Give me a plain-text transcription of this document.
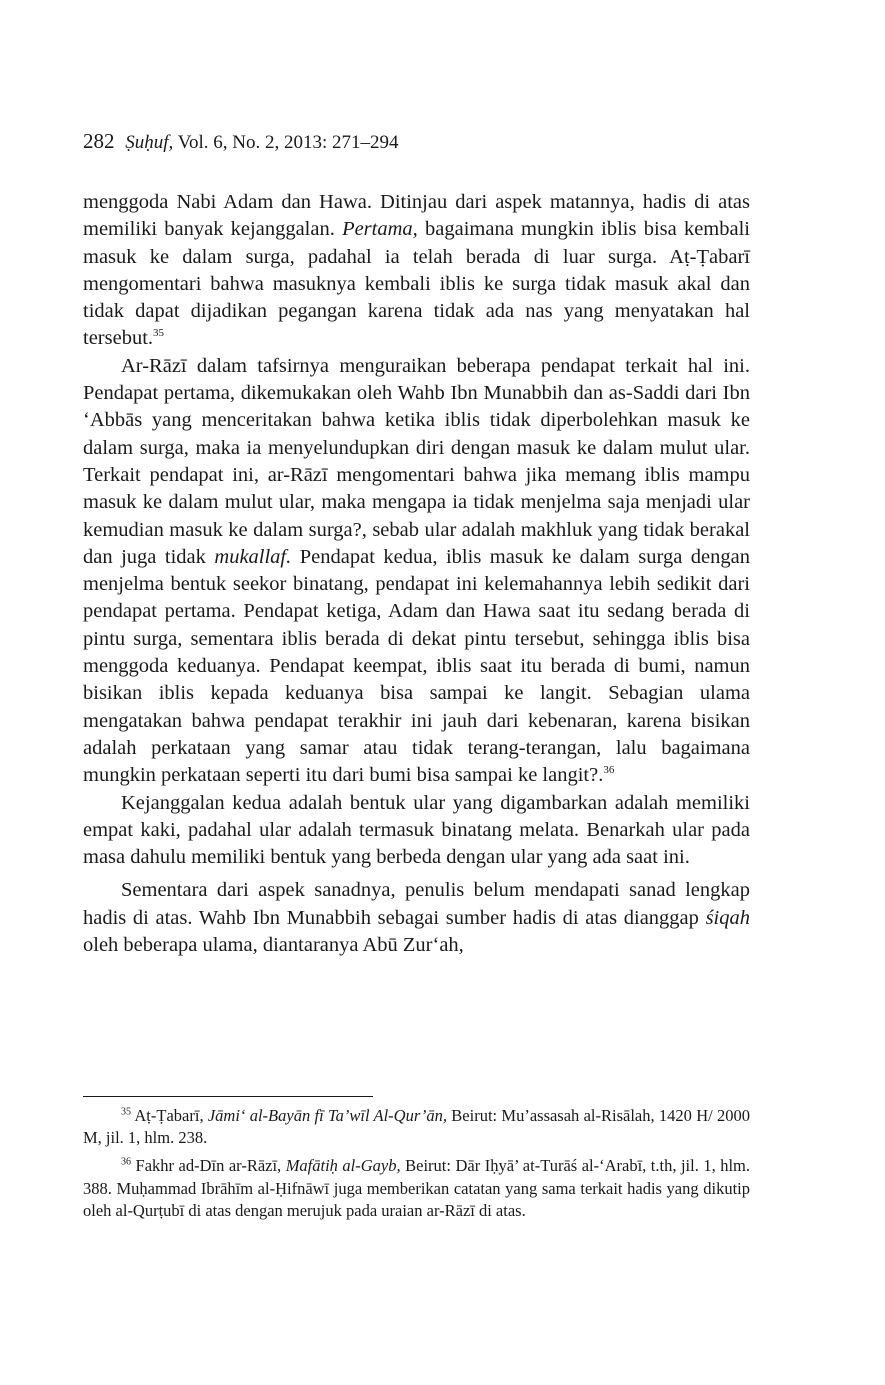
282 Ṣuḥuf, Vol. 6, No. 2, 2013: 271–294

menggoda Nabi Adam dan Hawa. Ditinjau dari aspek matannya, hadis di atas memiliki banyak kejanggalan. Pertama, bagaimana mungkin iblis bisa kembali masuk ke dalam surga, padahal ia telah berada di luar surga. Aṭ-Ṭabarī mengomentari bahwa masuknya kembali iblis ke surga tidak masuk akal dan tidak dapat dijadikan pegangan karena tidak ada nas yang menyatakan hal tersebut.$^{35}$

Ar-Rāzī dalam tafsirnya menguraikan beberapa pendapat terkait hal ini. Pendapat pertama, dikemukakan oleh Wahb Ibn Munabbih dan as-Saddi dari Ibn ‘Abbās yang menceritakan bahwa ketika iblis tidak diperbolehkan masuk ke dalam surga, maka ia menyelundupkan diri dengan masuk ke dalam mulut ular. Terkait pendapat ini, ar-Rāzī mengomentari bahwa jika memang iblis mampu masuk ke dalam mulut ular, maka mengapa ia tidak menjelma saja menjadi ular kemudian masuk ke dalam surga?, sebab ular adalah makhluk yang tidak berakal dan juga tidak mukallaf. Pendapat kedua, iblis masuk ke dalam surga dengan menjelma bentuk seekor binatang, pendapat ini kelemahannya lebih sedikit dari pendapat pertama. Pendapat ketiga, Adam dan Hawa saat itu sedang berada di pintu surga, sementara iblis berada di dekat pintu tersebut, sehingga iblis bisa menggoda keduanya. Pendapat keempat, iblis saat itu berada di bumi, namun bisikan iblis kepada keduanya bisa sampai ke langit. Sebagian ulama mengatakan bahwa pendapat terakhir ini jauh dari kebenaran, karena bisikan adalah perkataan yang samar atau tidak terang-terangan, lalu bagaimana mungkin perkataan seperti itu dari bumi bisa sampai ke langit?.$^{36}$

Kejanggalan kedua adalah bentuk ular yang digambarkan adalah memiliki empat kaki, padahal ular adalah termasuk binatang melata. Benarkah ular pada masa dahulu memiliki bentuk yang berbeda dengan ular yang ada saat ini.

Sementara dari aspek sanadnya, penulis belum mendapati sanad lengkap hadis di atas. Wahb Ibn Munabbih sebagai sumber hadis di atas dianggap śiqah oleh beberapa ulama, diantaranya Abū Zur‘ah,

$^{35}$ Aṭ-Ṭabarī, Jāmi‘ al-Bayān fī Ta’wīl Al-Qur’ān, Beirut: Mu’assasah al-Risālah, 1420 H/ 2000 M, jil. 1, hlm. 238.

$^{36}$ Fakhr ad-Dīn ar-Rāzī, Mafātiḥ al-Gayb, Beirut: Dār Iḥyā’ at-Turāś al-‘Arabī, t.th, jil. 1, hlm. 388. Muḥammad Ibrāhīm al-Ḥifnāwī juga memberikan catatan yang sama terkait hadis yang dikutip oleh al-Qurṭubī di atas dengan merujuk pada uraian ar-Rāzī di atas.
